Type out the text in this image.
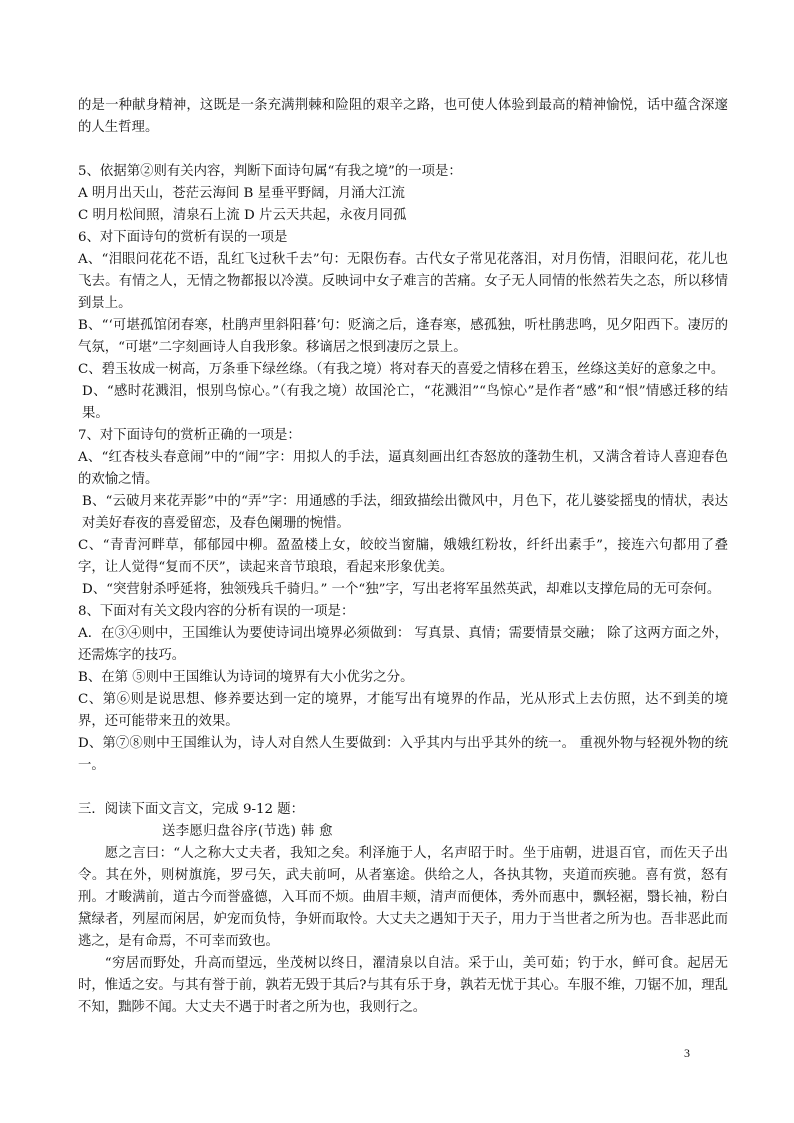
的是一种献身精神，这既是一条充满荆棘和险阻的艰辛之路，也可使人体验到最高的精神愉悦，话中蕴含深邃的人生哲理。

5、依据第②则有关内容，判断下面诗句属“有我之境”的一项是：

A 明月出天山，苍茫云海间 B 星垂平野阔，月涌大江流

C 明月松间照，清泉石上流 D 片云天共起，永夜月同孤

6、对下面诗句的赏析有误的一项是

A、“泪眼问花花不语，乱红飞过秋千去”句：无限伤春。古代女子常见花落泪，对月伤情，泪眼问花，花儿也飞去。有情之人，无情之物都报以冷漠。反映词中女子难言的苦痛。女子无人同情的怅然若失之态，所以移情到景上。

B、“‘可堪孤馆闭春寒，杜鹃声里斜阳暮’句：贬滴之后，逢春寒，感孤独，听杜鹃悲鸣，见夕阳西下。凄厉的气氛，“可堪”二字刻画诗人自我形象。移谪居之恨到凄厉之景上。

C、碧玉妆成一树高，万条垂下绿丝绦。（有我之境）将对春天的喜爱之情移在碧玉，丝绦这美好的意象之中。

D、“感时花溅泪，恨别鸟惊心。”（有我之境）故国沦亡，“花溅泪”“鸟惊心”是作者“感”和“恨”情感迁移的结果。

7、对下面诗句的赏析正确的一项是：

A、“红杏枝头春意闹”中的“闹”字：用拟人的手法，逼真刻画出红杏怒放的蓬勃生机，又满含着诗人喜迎春色的欢愉之情。

B、“云破月来花弄影”中的“弄”字：用通感的手法，细致描绘出微风中，月色下，花儿婆娑摇曳的情状，表达对美好春夜的喜爱留恋，及春色阑珊的惋惜。

C、“青青河畔草，郁郁园中柳。盈盈楼上女，皎皎当窗牖，娥娥红粉妆，纤纤出素手”，接连六句都用了叠字，让人觉得“复而不厌”，读起来音节琅琅，看起来形象优美。

D、“突营射杀呼延将，独领残兵千骑归。” 一个“独”字，写出老将军虽然英武，却难以支撑危局的无可奈何。

8、下面对有关文段内容的分析有误的一项是：

A．在③④则中，王国维认为要使诗词出境界必须做到： 写真景、真情；需要情景交融； 除了这两方面之外，还需炼字的技巧。

B、在第 ⑤则中王国维认为诗词的境界有大小优劣之分。

C、第⑥则是说思想、修养要达到一定的境界，才能写出有境界的作品，光从形式上去仿照，达不到美的境界，还可能带来丑的效果。

D、第⑦⑧则中王国维认为，诗人对自然人生要做到：入乎其内与出乎其外的统一。 重视外物与轻视外物的统一。

三．阅读下面文言文，完成 9-12 题：

送李愿归盘谷序(节选) 韩 愈

愿之言曰：“人之称大丈夫者，我知之矣。利泽施于人，名声昭于时。坐于庙朝，进退百官，而佐天子出令。其在外，则树旗旄，罗弓矢，武夫前呵，从者塞途。供给之人，各执其物，夹道而疾驰。喜有赏，怒有刑。才畯满前，道古今而誉盛德，入耳而不烦。曲眉丰颊，清声而便体，秀外而惠中，飘轻裾，翳长袖，粉白黛绿者，列屋而闲居，妒宠而负恃，争妍而取怜。大丈夫之遇知于天子，用力于当世者之所为也。吾非恶此而逃之，是有命焉，不可幸而致也。

“穷居而野处，升高而望远，坐茂树以终日，濯清泉以自洁。采于山，美可茹；钓于水，鲜可食。起居无时，惟适之安。与其有誉于前，孰若无毁于其后?与其有乐于身，孰若无忧于其心。车服不维，刀锯不加，理乱不知，黜陟不闻。大丈夫不遇于时者之所为也，我则行之。

3
